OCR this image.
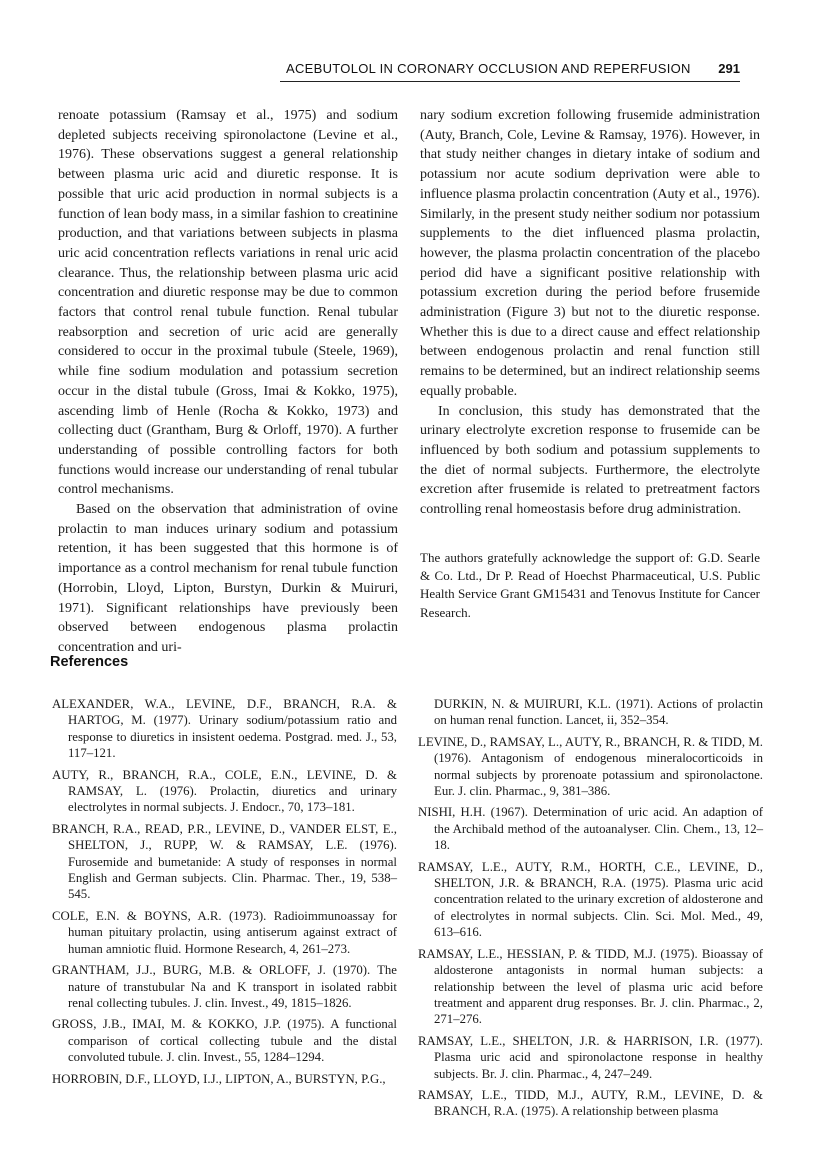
ACEBUTOLOL IN CORONARY OCCLUSION AND REPERFUSION	291

renoate potassium (Ramsay et al., 1975) and sodium depleted subjects receiving spironolactone (Levine et al., 1976). These observations suggest a general relationship between plasma uric acid and diuretic response. It is possible that uric acid production in normal subjects is a function of lean body mass, in a similar fashion to creatinine production, and that variations between subjects in plasma uric acid concentration reflects variations in renal uric acid clearance. Thus, the relationship between plasma uric acid concentration and diuretic response may be due to common factors that control renal tubule function. Renal tubular reabsorption and secretion of uric acid are generally considered to occur in the proximal tubule (Steele, 1969), while fine sodium modulation and potassium secretion occur in the distal tubule (Gross, Imai & Kokko, 1975), ascending limb of Henle (Rocha & Kokko, 1973) and collecting duct (Grantham, Burg & Orloff, 1970). A further understanding of possible controlling factors for both functions would increase our understanding of renal tubular control mechanisms.

Based on the observation that administration of ovine prolactin to man induces urinary sodium and potassium retention, it has been suggested that this hormone is of importance as a control mechanism for renal tubule function (Horrobin, Lloyd, Lipton, Burstyn, Durkin & Muiruri, 1971). Significant relationships have previously been observed between endogenous plasma prolactin concentration and uri-

nary sodium excretion following frusemide administration (Auty, Branch, Cole, Levine & Ramsay, 1976). However, in that study neither changes in dietary intake of sodium and potassium nor acute sodium deprivation were able to influence plasma prolactin concentration (Auty et al., 1976). Similarly, in the present study neither sodium nor potassium supplements to the diet influenced plasma prolactin, however, the plasma prolactin concentration of the placebo period did have a significant positive relationship with potassium excretion during the period before frusemide administration (Figure 3) but not to the diuretic response. Whether this is due to a direct cause and effect relationship between endogenous prolactin and renal function still remains to be determined, but an indirect relationship seems equally probable.

In conclusion, this study has demonstrated that the urinary electrolyte excretion response to frusemide can be influenced by both sodium and potassium supplements to the diet of normal subjects. Furthermore, the electrolyte excretion after frusemide is related to pretreatment factors controlling renal homeostasis before drug administration.

The authors gratefully acknowledge the support of: G.D. Searle & Co. Ltd., Dr P. Read of Hoechst Pharmaceutical, U.S. Public Health Service Grant GM15431 and Tenovus Institute for Cancer Research.
References

ALEXANDER, W.A., LEVINE, D.F., BRANCH, R.A. & HARTOG, M. (1977). Urinary sodium/potassium ratio and response to diuretics in insistent oedema. Postgrad. med. J., 53, 117–121.

AUTY, R., BRANCH, R.A., COLE, E.N., LEVINE, D. & RAMSAY, L. (1976). Prolactin, diuretics and urinary electrolytes in normal subjects. J. Endocr., 70, 173–181.

BRANCH, R.A., READ, P.R., LEVINE, D., VANDER ELST, E., SHELTON, J., RUPP, W. & RAMSAY, L.E. (1976). Furosemide and bumetanide: A study of responses in normal English and German subjects. Clin. Pharmac. Ther., 19, 538–545.

COLE, E.N. & BOYNS, A.R. (1973). Radioimmunoassay for human pituitary prolactin, using antiserum against extract of human amniotic fluid. Hormone Research, 4, 261–273.

GRANTHAM, J.J., BURG, M.B. & ORLOFF, J. (1970). The nature of transtubular Na and K transport in isolated rabbit renal collecting tubules. J. clin. Invest., 49, 1815–1826.

GROSS, J.B., IMAI, M. & KOKKO, J.P. (1975). A functional comparison of cortical collecting tubule and the distal convoluted tubule. J. clin. Invest., 55, 1284–1294.

HORROBIN, D.F., LLOYD, I.J., LIPTON, A., BURSTYN, P.G.,

DURKIN, N. & MUIRURI, K.L. (1971). Actions of prolactin on human renal function. Lancet, ii, 352–354.

LEVINE, D., RAMSAY, L., AUTY, R., BRANCH, R. & TIDD, M. (1976). Antagonism of endogenous mineralocorticoids in normal subjects by prorenoate potassium and spironolactone. Eur. J. clin. Pharmac., 9, 381–386.

NISHI, H.H. (1967). Determination of uric acid. An adaption of the Archibald method of the autoanalyser. Clin. Chem., 13, 12–18.

RAMSAY, L.E., AUTY, R.M., HORTH, C.E., LEVINE, D., SHELTON, J.R. & BRANCH, R.A. (1975). Plasma uric acid concentration related to the urinary excretion of aldosterone and of electrolytes in normal subjects. Clin. Sci. Mol. Med., 49, 613–616.

RAMSAY, L.E., HESSIAN, P. & TIDD, M.J. (1975). Bioassay of aldosterone antagonists in normal human subjects: a relationship between the level of plasma uric acid before treatment and apparent drug responses. Br. J. clin. Pharmac., 2, 271–276.

RAMSAY, L.E., SHELTON, J.R. & HARRISON, I.R. (1977). Plasma uric acid and spironolactone response in healthy subjects. Br. J. clin. Pharmac., 4, 247–249.

RAMSAY, L.E., TIDD, M.J., AUTY, R.M., LEVINE, D. & BRANCH, R.A. (1975). A relationship between plasma
